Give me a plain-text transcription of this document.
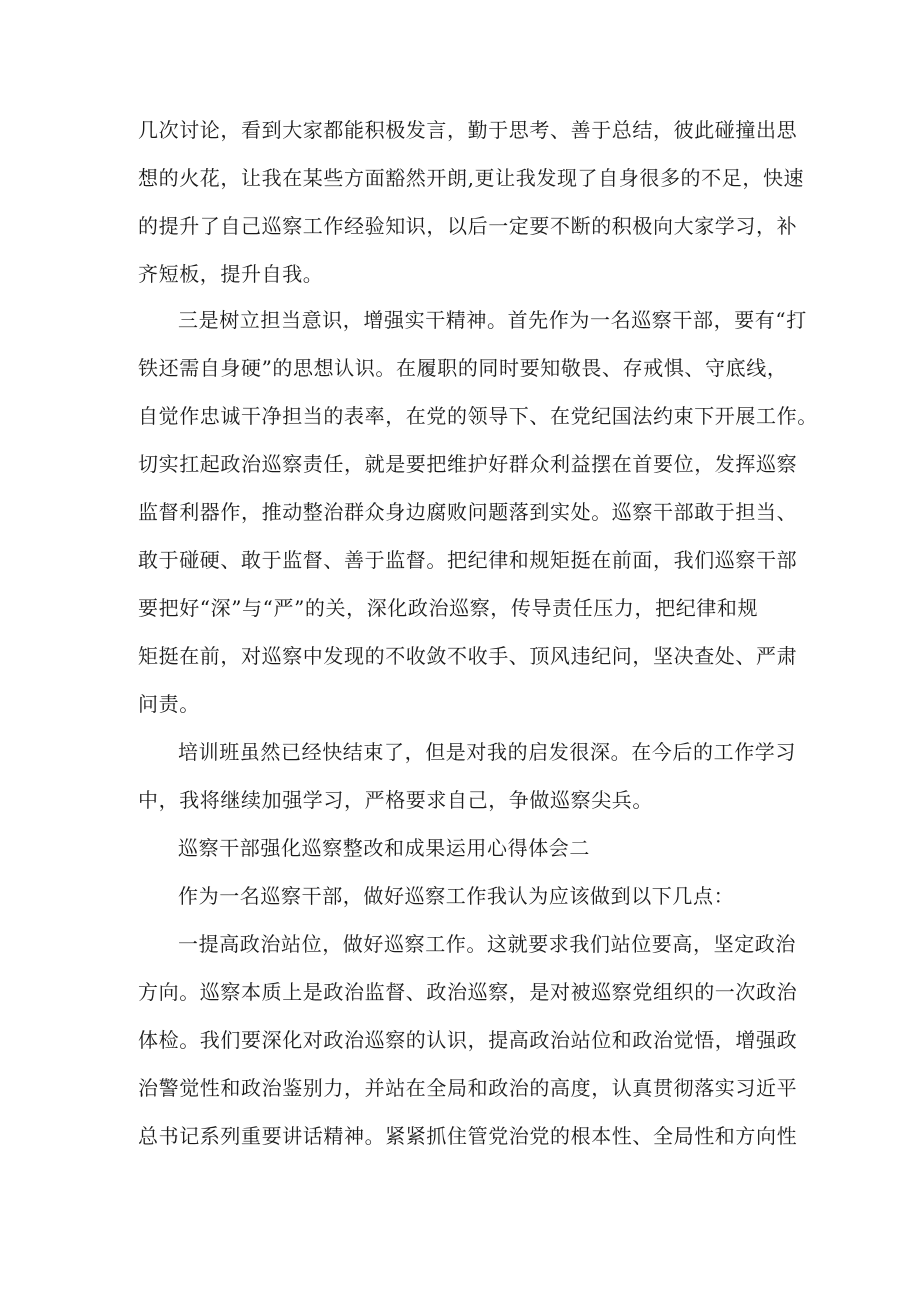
几次讨论，看到大家都能积极发言，勤于思考、善于总结，彼此碰撞出思

想的火花，让我在某些方面豁然开朗,更让我发现了自身很多的不足，快速

的提升了自己巡察工作经验知识，以后一定要不断的积极向大家学习，补

齐短板，提升自我。

三是树立担当意识，增强实干精神。首先作为一名巡察干部，要有“打

铁还需自身硬”的思想认识。在履职的同时要知敬畏、存戒惧、守底线，

自觉作忠诚干净担当的表率，在党的领导下、在党纪国法约束下开展工作。

切实扛起政治巡察责任，就是要把维护好群众利益摆在首要位，发挥巡察

监督利器作，推动整治群众身边腐败问题落到实处。巡察干部敢于担当、

敢于碰硬、敢于监督、善于监督。把纪律和规矩挺在前面，我们巡察干部

要把好“深”与“严”的关，深化政治巡察，传导责任压力，把纪律和规

矩挺在前，对巡察中发现的不收敛不收手、顶风违纪问，坚决查处、严肃

问责。

培训班虽然已经快结束了，但是对我的启发很深。在今后的工作学习

中，我将继续加强学习，严格要求自己，争做巡察尖兵。

巡察干部强化巡察整改和成果运用心得体会二

作为一名巡察干部，做好巡察工作我认为应该做到以下几点：

一提高政治站位，做好巡察工作。这就要求我们站位要高，坚定政治

方向。巡察本质上是政治监督、政治巡察，是对被巡察党组织的一次政治

体检。我们要深化对政治巡察的认识，提高政治站位和政治觉悟，增强政

治警觉性和政治鉴别力，并站在全局和政治的高度，认真贯彻落实习近平

总书记系列重要讲话精神。紧紧抓住管党治党的根本性、全局性和方向性
